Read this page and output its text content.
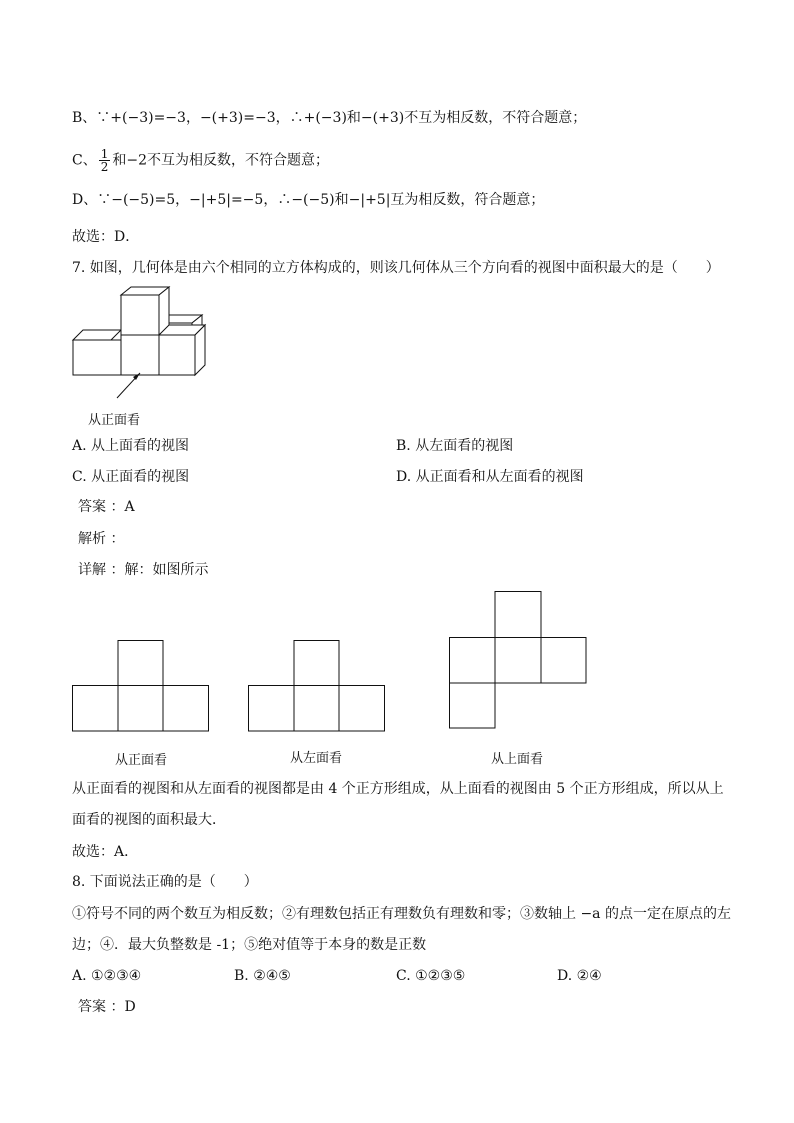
B、∵+(−3)=−3，−(+3)=−3，∴+(−3)和−(+3)不互为相反数，不符合题意；
C、 $\frac{1}{2}$ 和−2不互为相反数，不符合题意；
D、∵−(−5)=5，−|+5|=−5，∴−(−5)和−|+5|互为相反数，符合题意；
故选：D．
7. 如图，几何体是由六个相同的立方体构成的，则该几何体从三个方向看的视图中面积最大的是（　　）
从正面看
A. 从上面看的视图	B. 从左面看的视图
C. 从正面看的视图	D. 从正面看和从左面看的视图
答案 ：A
解析 ：
详解 ：解：如图所示
从正面看	从左面看	从上面看
从正面看的视图和从左面看的视图都是由 4 个正方形组成，从上面看的视图由 5 个正方形组成，所以从上
面看的视图的面积最大．
故选：A．
8. 下面说法正确的是（　　）
①符号不同的两个数互为相反数；②有理数包括正有理数负有理数和零；③数轴上 −a 的点一定在原点的左
边；④．最大负整数是 -1；⑤绝对值等于本身的数是正数
A. ①②③④	B. ②④⑤	C. ①②③⑤	D. ②④
答案 ：D
